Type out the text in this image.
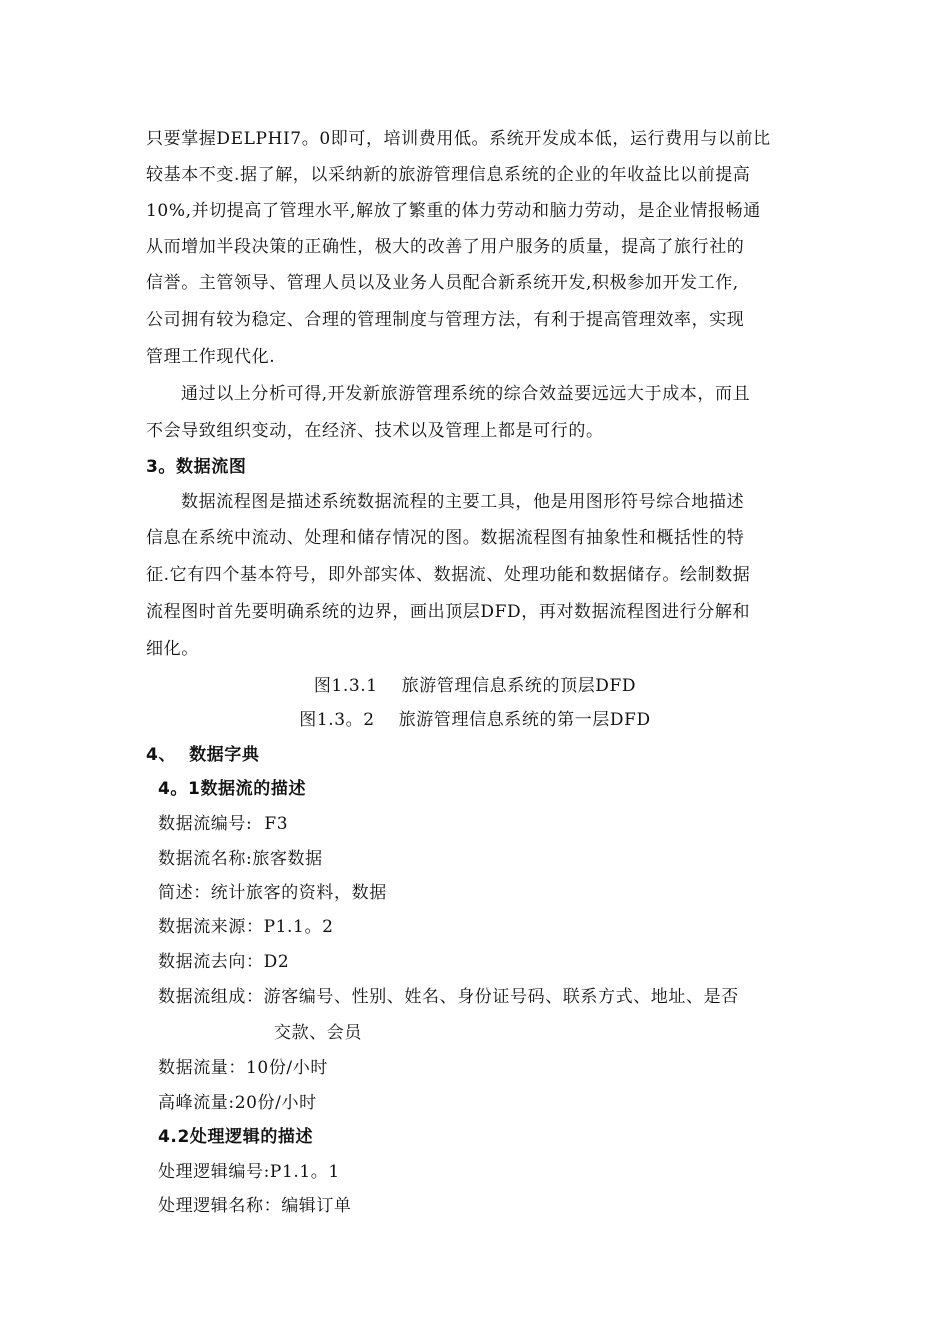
只要掌握DELPHI7。0即可，培训费用低。系统开发成本低，运行费用与以前比
较基本不变.据了解，以采纳新的旅游管理信息系统的企业的年收益比以前提高
10%,并切提高了管理水平,解放了繁重的体力劳动和脑力劳动，是企业情报畅通
从而增加半段决策的正确性，极大的改善了用户服务的质量，提高了旅行社的
信誉。主管领导、管理人员以及业务人员配合新系统开发,积极参加开发工作,
公司拥有较为稳定、合理的管理制度与管理方法，有利于提高管理效率，实现
管理工作现代化.
通过以上分析可得,开发新旅游管理系统的综合效益要远远大于成本，而且
不会导致组织变动，在经济、技术以及管理上都是可行的。
3。数据流图
数据流程图是描述系统数据流程的主要工具，他是用图形符号综合地描述
信息在系统中流动、处理和储存情况的图。数据流程图有抽象性和概括性的特
征.它有四个基本符号，即外部实体、数据流、处理功能和数据储存。绘制数据
流程图时首先要明确系统的边界，画出顶层DFD，再对数据流程图进行分解和
细化。
图1.3.1    旅游管理信息系统的顶层DFD
图1.3。2    旅游管理信息系统的第一层DFD
4、  数据字典
4。1数据流的描述
数据流编号:  F3
数据流名称:旅客数据
简述：统计旅客的资料，数据
数据流来源：P1.1。2
数据流去向：D2
数据流组成：游客编号、性别、姓名、身份证号码、联系方式、地址、是否
交款、会员
数据流量：10份/小时
高峰流量:20份/小时
4.2处理逻辑的描述
处理逻辑编号:P1.1。1
处理逻辑名称：编辑订单
